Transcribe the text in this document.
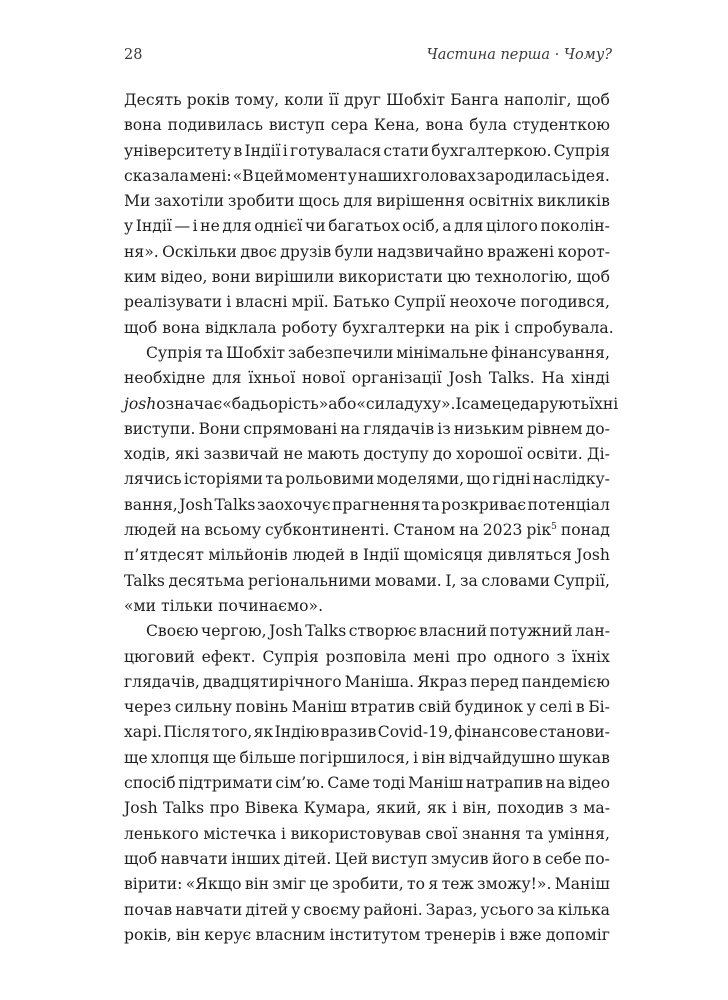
28	Частина перша · Чому?
Десять років тому, коли її друг Шобхіт Банга наполіг, щоб
вона подивилась виступ сера Кена, вона була студенткою
університету в Індії і готувалася стати бухгалтеркою. Супрія
сказала мені: «В цей момент у наших головах зародилась ідея.
Ми захотіли зробити щось для вирішення освітніх викликів
у Індії — і не для однієї чи багатьох осіб, а для цілого поколін-
ня». Оскільки двоє друзів були надзвичайно вражені корот-
ким відео, вони вирішили використати цю технологію, щоб
реалізувати і власні мрії. Батько Супрії неохоче погодився,
щоб вона відклала роботу бухгалтерки на рік і спробувала.
Супрія та Шобхіт забезпечили мінімальне фінансування,
необхідне для їхньої нової організації Josh Talks. На хінді
josh означає «бадьорість» або «сила духу». І саме це дарують їхні
виступи. Вони спрямовані на глядачів із низьким рівнем до-
ходів, які зазвичай не мають доступу до хорошої освіти. Ді-
лячись історіями та рольовими моделями, що гідні наслідку-
вання, Josh Talks заохочує прагнення та розкриває потенціал
людей на всьому субконтиненті. Станом на 2023 рік$^5$ понад
п’ятдесят мільйонів людей в Індії щомісяця дивляться Josh
Talks десятьма регіональними мовами. І, за словами Супрії,
«ми тільки починаємо».
Своєю чергою, Josh Talks створює власний потужний лан-
цюговий ефект. Супрія розповіла мені про одного з їхніх
глядачів, двадцятирічного Маніша. Якраз перед пандемією
через сильну повінь Маніш втратив свій будинок у селі в Бі-
харі. Після того, як Індію вразив Covid-19, фінансове станови-
ще хлопця ще більше погіршилося, і він відчайдушно шукав
спосіб підтримати сім’ю. Саме тоді Маніш натрапив на відео
Josh Talks про Вівека Кумара, який, як і він, походив з ма-
ленького містечка і використовував свої знання та уміння,
щоб навчати інших дітей. Цей виступ змусив його в себе по-
вірити: «Якщо він зміг це зробити, то я теж зможу!». Маніш
почав навчати дітей у своєму районі. Зараз, усього за кілька
років, він керує власним інститутом тренерів і вже допоміг
